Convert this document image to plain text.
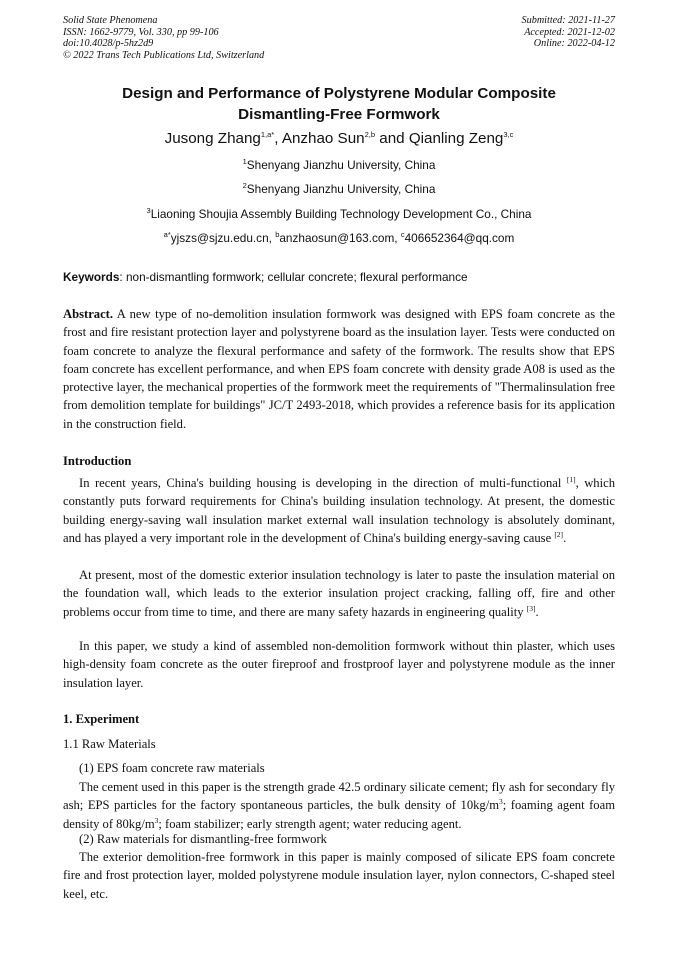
Solid State Phenomena
ISSN: 1662-9779, Vol. 330, pp 99-106
doi:10.4028/p-5hz2d9
© 2022 Trans Tech Publications Ltd, Switzerland
Submitted: 2021-11-27
Accepted: 2021-12-02
Online: 2022-04-12
Design and Performance of Polystyrene Modular Composite
Dismantling-Free Formwork
Jusong Zhang$^{1,a*}$, Anzhao Sun$^{2,b}$ and Qianling Zeng$^{3,c}$
$^1$Shenyang Jianzhu University, China
$^2$Shenyang Jianzhu University, China
$^3$Liaoning Shoujia Assembly Building Technology Development Co., China
$^{a*}$yjszs@sjzu.edu.cn, $^b$anzhaosun@163.com, $^c$406652364@qq.com
Keywords: non-dismantling formwork; cellular concrete; flexural performance
Abstract. A new type of no-demolition insulation formwork was designed with EPS foam concrete as the frost and fire resistant protection layer and polystyrene board as the insulation layer. Tests were conducted on foam concrete to analyze the flexural performance and safety of the formwork. The results show that EPS foam concrete has excellent performance, and when EPS foam concrete with density grade A08 is used as the protective layer, the mechanical properties of the formwork meet the requirements of "Thermalinsulation free from demolition template for buildings" JC/T 2493-2018, which provides a reference basis for its application in the construction field.
Introduction
In recent years, China's building housing is developing in the direction of multi-functional [1], which constantly puts forward requirements for China's building insulation technology. At present, the domestic building energy-saving wall insulation market external wall insulation technology is absolutely dominant, and has played a very important role in the development of China's building energy-saving cause [2].
At present, most of the domestic exterior insulation technology is later to paste the insulation material on the foundation wall, which leads to the exterior insulation project cracking, falling off, fire and other problems occur from time to time, and there are many safety hazards in engineering quality [3].
In this paper, we study a kind of assembled non-demolition formwork without thin plaster, which uses high-density foam concrete as the outer fireproof and frostproof layer and polystyrene module as the inner insulation layer.
1. Experiment
1.1 Raw Materials
(1) EPS foam concrete raw materials
The cement used in this paper is the strength grade 42.5 ordinary silicate cement; fly ash for secondary fly ash; EPS particles for the factory spontaneous particles, the bulk density of $10kg/m^3$; foaming agent foam density of $80kg/m^3$; foam stabilizer; early strength agent; water reducing agent.
(2) Raw materials for dismantling-free formwork
The exterior demolition-free formwork in this paper is mainly composed of silicate EPS foam concrete fire and frost protection layer, molded polystyrene module insulation layer, nylon connectors, C-shaped steel keel, etc.
